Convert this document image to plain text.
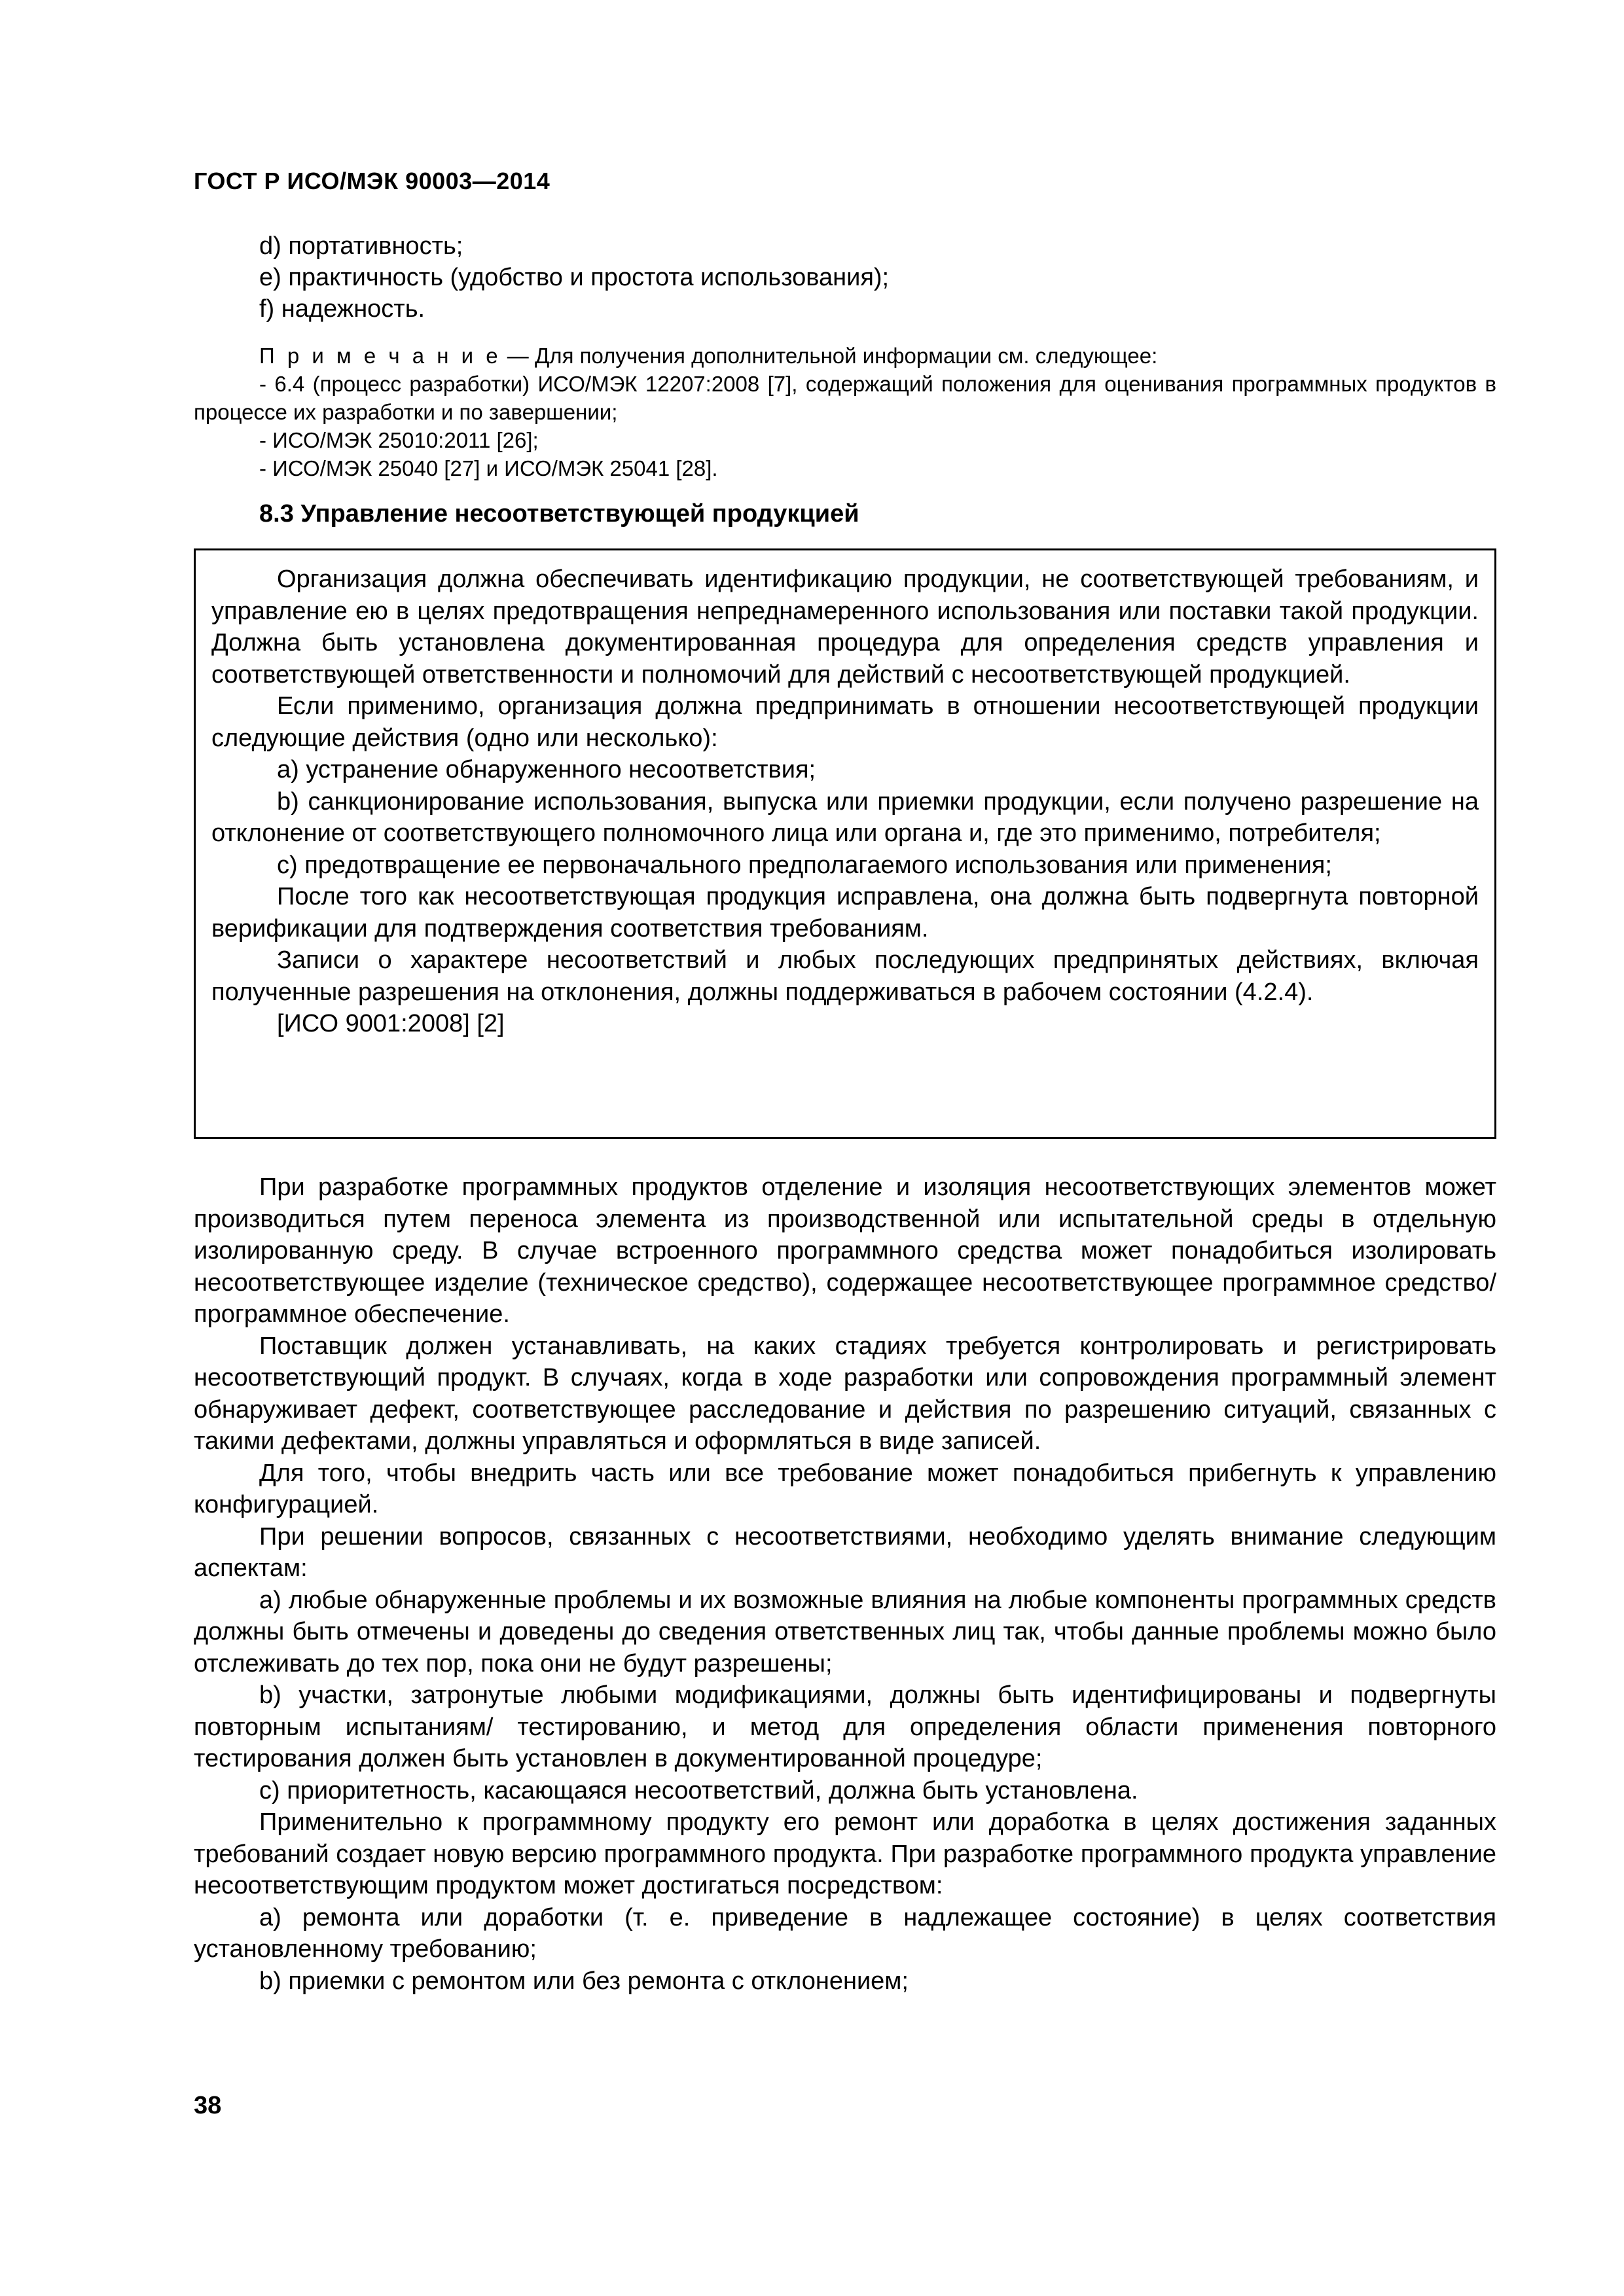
ГОСТ Р ИСО/МЭК 90003—2014
d) портативность;
e) практичность (удобство и простота использования);
f) надежность.

П р и м е ч а н и е — Для получения дополнительной информации см. следующее:

- 6.4 (процесс разработки) ИСО/МЭК 12207:2008 [7], содержащий положения для оценивания программных продуктов в процессе их разработки и по завершении;

- ИСО/МЭК 25010:2011 [26];

- ИСО/МЭК 25040 [27] и ИСО/МЭК 25041 [28].

8.3 Управление несоответствующей продукцией

Организация должна обеспечивать идентификацию продукции, не соответствующей требованиям, и управление ею в целях предотвращения непреднамеренного использования или поставки такой продукции. Должна быть установлена документированная процедура для определения средств управления и соответствующей ответственности и полномочий для действий с несоответствующей продукцией.

Если применимо, организация должна предпринимать в отношении несоответствующей продукции следующие действия (одно или несколько):

a) устранение обнаруженного несоответствия;

b) санкционирование использования, выпуска или приемки продукции, если получено разрешение на отклонение от соответствующего полномочного лица или органа и, где это применимо, потребителя;

c) предотвращение ее первоначального предполагаемого использования или применения;

После того как несоответствующая продукция исправлена, она должна быть подвергнута повторной верификации для подтверждения соответствия требованиям.

Записи о характере несоответствий и любых последующих предпринятых действиях, включая полученные разрешения на отклонения, должны поддерживаться в рабочем состоянии (4.2.4).

[ИСО 9001:2008] [2]

При разработке программных продуктов отделение и изоляция несоответствующих элементов может производиться путем переноса элемента из производственной или испытательной среды в отдельную изолированную среду. В случае встроенного программного средства может понадобиться изолировать несоответствующее изделие (техническое средство), содержащее несоответствующее программное средство/программное обеспечение.

Поставщик должен устанавливать, на каких стадиях требуется контролировать и регистрировать несоответствующий продукт. В случаях, когда в ходе разработки или сопровождения программный элемент обнаруживает дефект, соответствующее расследование и действия по разрешению ситуаций, связанных с такими дефектами, должны управляться и оформляться в виде записей.

Для того, чтобы внедрить часть или все требование может понадобиться прибегнуть к управлению конфигурацией.

При решении вопросов, связанных с несоответствиями, необходимо уделять внимание следующим аспектам:

a) любые обнаруженные проблемы и их возможные влияния на любые компоненты программных средств должны быть отмечены и доведены до сведения ответственных лиц так, чтобы данные проблемы можно было отслеживать до тех пор, пока они не будут разрешены;

b) участки, затронутые любыми модификациями, должны быть идентифицированы и подвергнуты повторным испытаниям/ тестированию, и метод для определения области применения повторного тестирования должен быть установлен в документированной процедуре;

c) приоритетность, касающаяся несоответствий, должна быть установлена.

Применительно к программному продукту его ремонт или доработка в целях достижения заданных требований создает новую версию программного продукта. При разработке программного продукта управление несоответствующим продуктом может достигаться посредством:

a) ремонта или доработки (т. е. приведение в надлежащее состояние) в целях соответствия установленному требованию;

b) приемки с ремонтом или без ремонта с отклонением;

38
